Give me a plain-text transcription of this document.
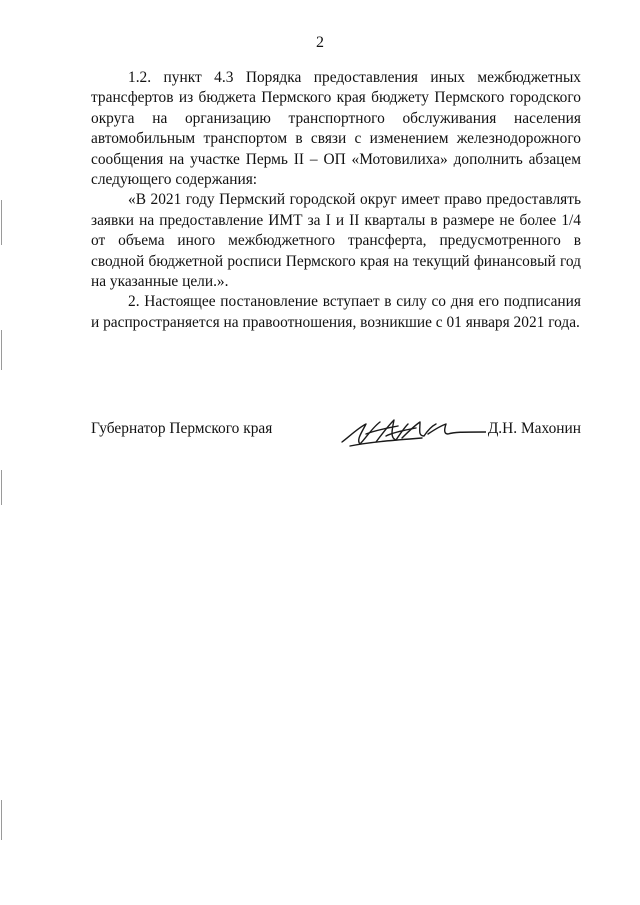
2

1.2. пункт 4.3 Порядка предоставления иных межбюджетных трансфертов из бюджета Пермского края бюджету Пермского городского округа на организацию транспортного обслуживания населения автомобильным транспортом в связи с изменением железнодорожного сообщения на участке Пермь II – ОП «Мотовилиха» дополнить абзацем следующего содержания:

«В 2021 году Пермский городской округ имеет право предоставлять заявки на предоставление ИМТ за I и II кварталы в размере не более 1/4 от объема иного межбюджетного трансферта, предусмотренного в сводной бюджетной росписи Пермского края на текущий финансовый год на указанные цели.».

2. Настоящее постановление вступает в силу со дня его подписания и распространяется на правоотношения, возникшие с 01 января 2021 года.

Губернатор Пермского края	Д.Н. Махонин
